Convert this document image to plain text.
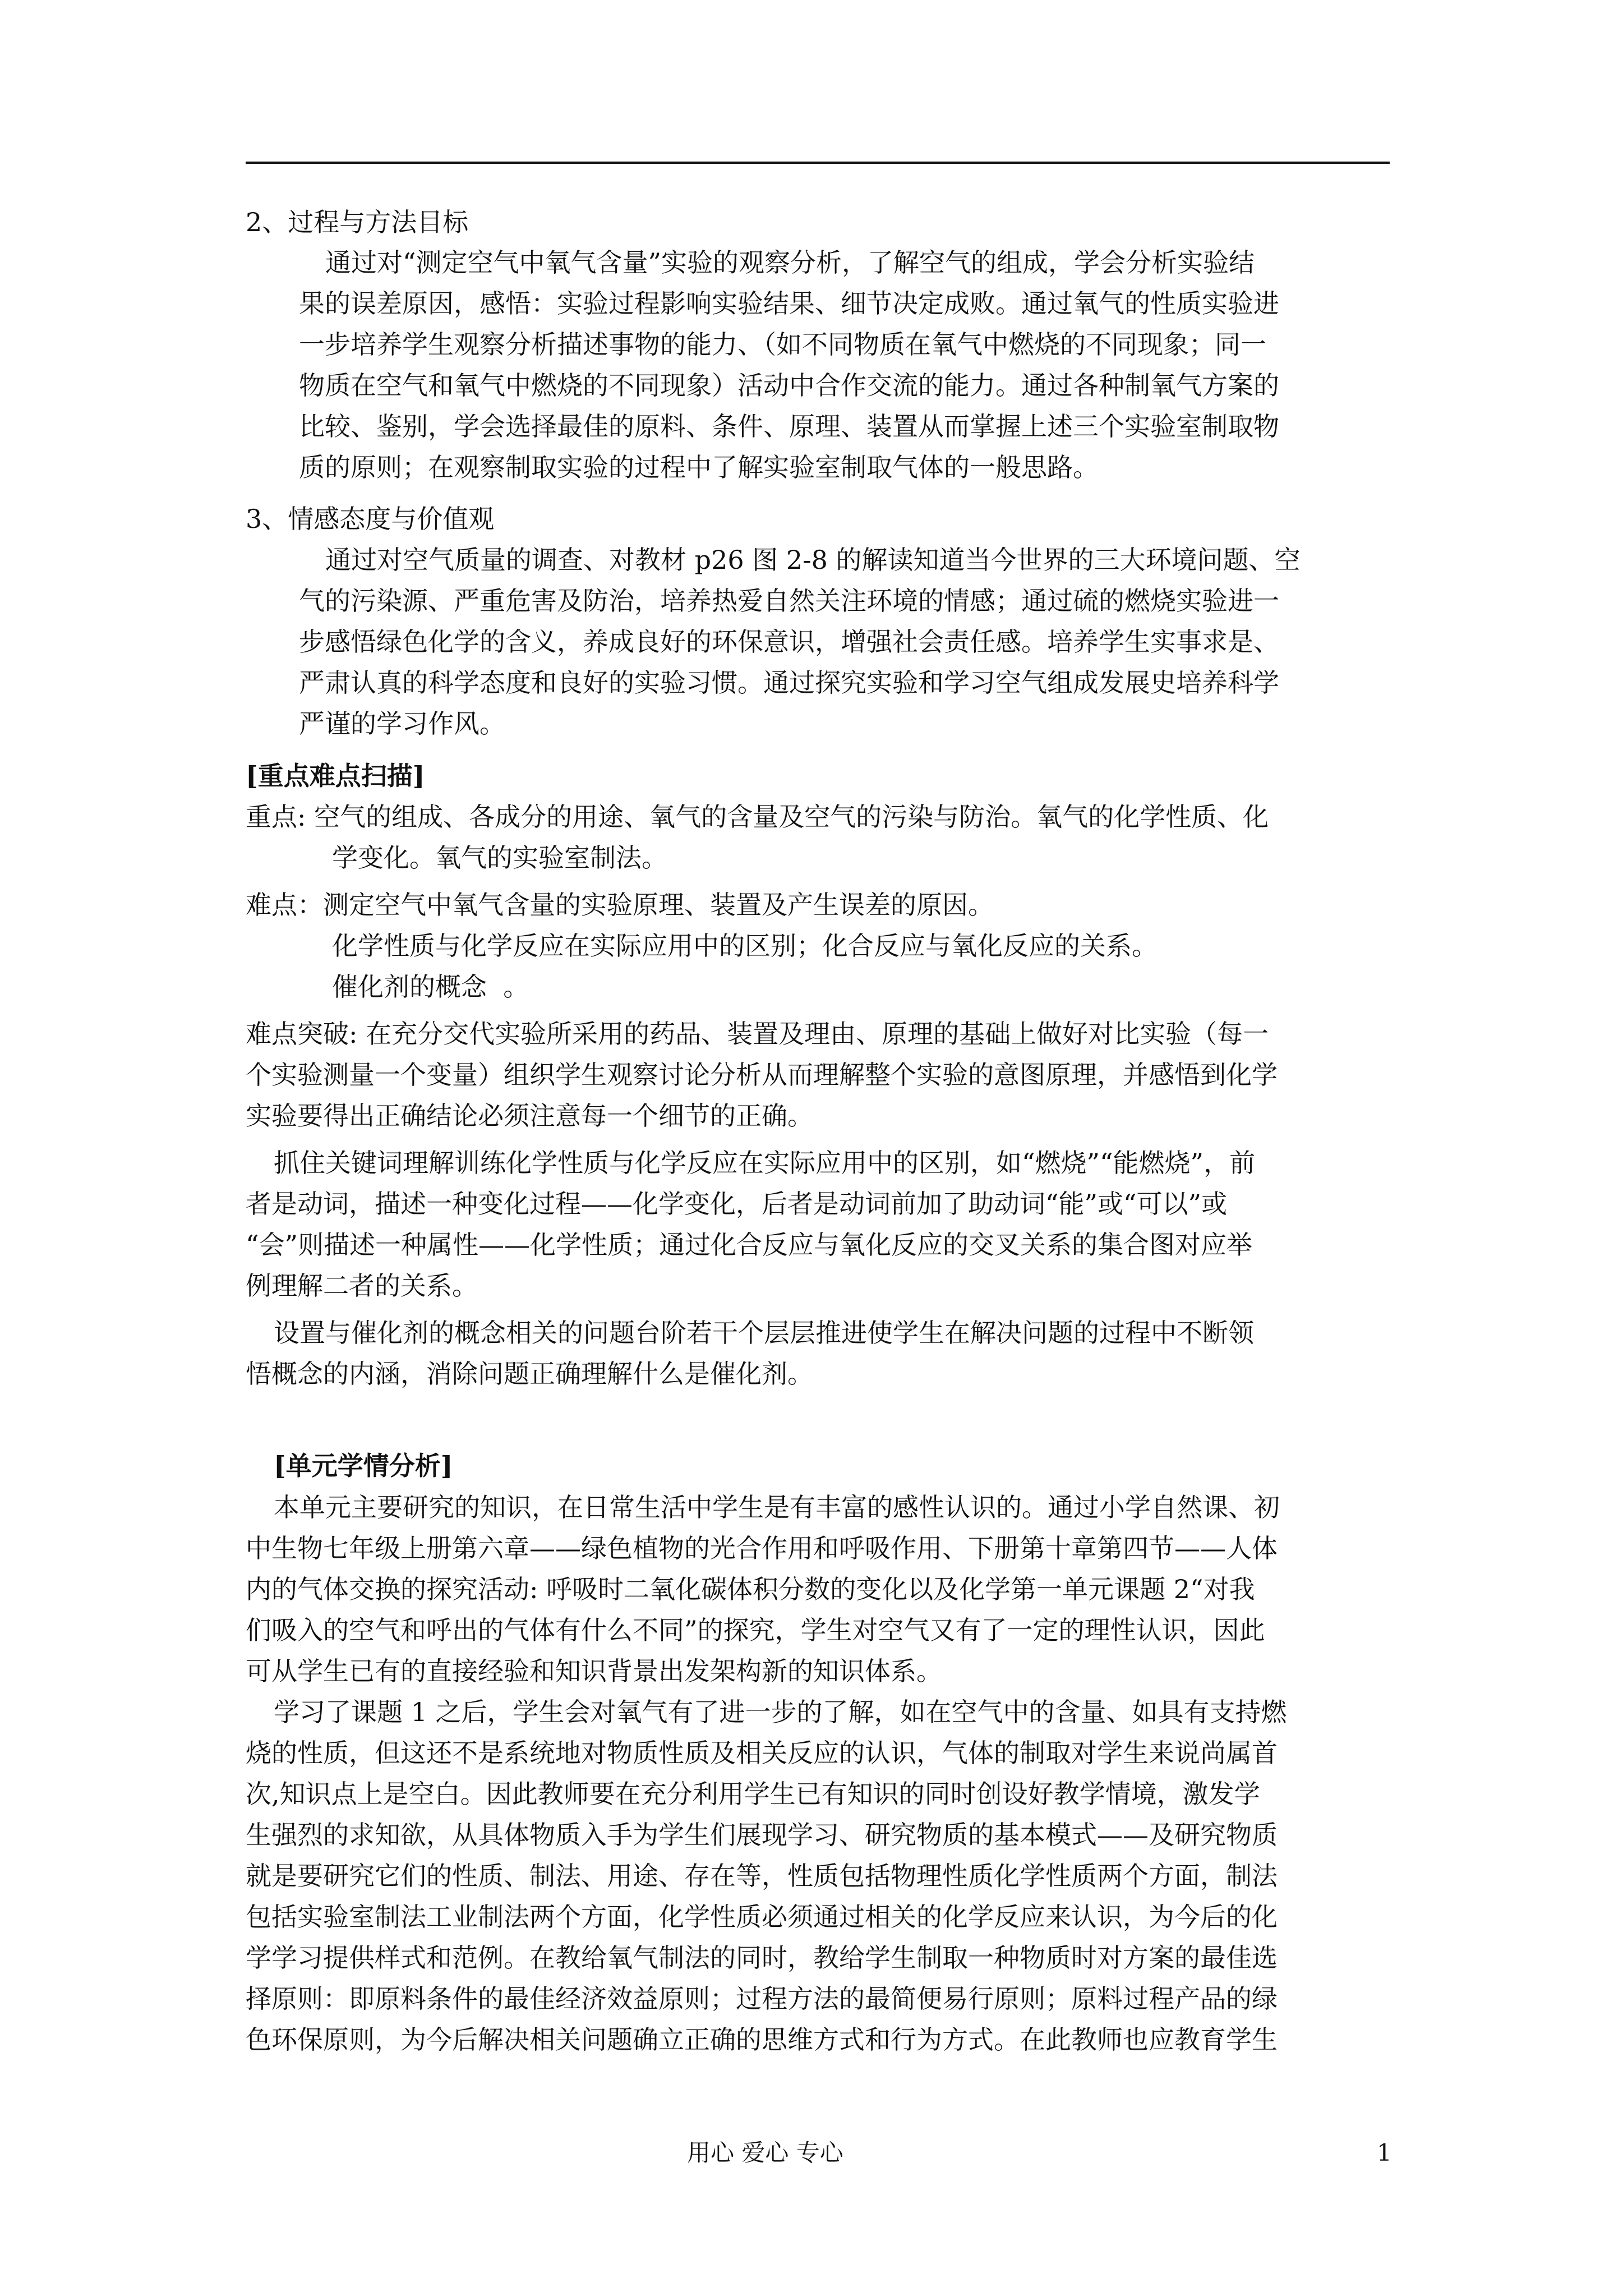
2、过程与方法目标
通过对“测定空气中氧气含量”实验的观察分析，了解空气的组成，学会分析实验结
果的误差原因，感悟：实验过程影响实验结果、细节决定成败。通过氧气的性质实验进
一步培养学生观察分析描述事物的能力、（如不同物质在氧气中燃烧的不同现象；同一
物质在空气和氧气中燃烧的不同现象）活动中合作交流的能力。通过各种制氧气方案的
比较、鉴别，学会选择最佳的原料、条件、原理、装置从而掌握上述三个实验室制取物
质的原则；在观察制取实验的过程中了解实验室制取气体的一般思路。
3、情感态度与价值观
通过对空气质量的调查、对教材 p26 图 2-8 的解读知道当今世界的三大环境问题、空
气的污染源、严重危害及防治，培养热爱自然关注环境的情感；通过硫的燃烧实验进一
步感悟绿色化学的含义，养成良好的环保意识，增强社会责任感。培养学生实事求是、
严肃认真的科学态度和良好的实验习惯。通过探究实验和学习空气组成发展史培养科学
严谨的学习作风。
[重点难点扫描]
重点: 空气的组成、各成分的用途、氧气的含量及空气的污染与防治。氧气的化学性质、化
学变化。氧气的实验室制法。
难点：测定空气中氧气含量的实验原理、装置及产生误差的原因。
化学性质与化学反应在实际应用中的区别；化合反应与氧化反应的关系。
催化剂的概念  。
难点突破: 在充分交代实验所采用的药品、装置及理由、原理的基础上做好对比实验（每一
个实验测量一个变量）组织学生观察讨论分析从而理解整个实验的意图原理，并感悟到化学
实验要得出正确结论必须注意每一个细节的正确。
抓住关键词理解训练化学性质与化学反应在实际应用中的区别，如“燃烧”“能燃烧”，前
者是动词，描述一种变化过程——化学变化，后者是动词前加了助动词“能”或“可以”或
“会”则描述一种属性——化学性质；通过化合反应与氧化反应的交叉关系的集合图对应举
例理解二者的关系。
设置与催化剂的概念相关的问题台阶若干个层层推进使学生在解决问题的过程中不断领
悟概念的内涵，消除问题正确理解什么是催化剂。
[单元学情分析]
本单元主要研究的知识，在日常生活中学生是有丰富的感性认识的。通过小学自然课、初
中生物七年级上册第六章——绿色植物的光合作用和呼吸作用、下册第十章第四节——人体
内的气体交换的探究活动: 呼吸时二氧化碳体积分数的变化以及化学第一单元课题 2“对我
们吸入的空气和呼出的气体有什么不同”的探究，学生对空气又有了一定的理性认识，因此
可从学生已有的直接经验和知识背景出发架构新的知识体系。
学习了课题 1 之后，学生会对氧气有了进一步的了解，如在空气中的含量、如具有支持燃
烧的性质，但这还不是系统地对物质性质及相关反应的认识，气体的制取对学生来说尚属首
次,知识点上是空白。因此教师要在充分利用学生已有知识的同时创设好教学情境，激发学
生强烈的求知欲，从具体物质入手为学生们展现学习、研究物质的基本模式——及研究物质
就是要研究它们的性质、制法、用途、存在等，性质包括物理性质化学性质两个方面，制法
包括实验室制法工业制法两个方面，化学性质必须通过相关的化学反应来认识，为今后的化
学学习提供样式和范例。在教给氧气制法的同时，教给学生制取一种物质时对方案的最佳选
择原则：即原料条件的最佳经济效益原则；过程方法的最简便易行原则；原料过程产品的绿
色环保原则，为今后解决相关问题确立正确的思维方式和行为方式。在此教师也应教育学生
用心 爱心 专心	1
